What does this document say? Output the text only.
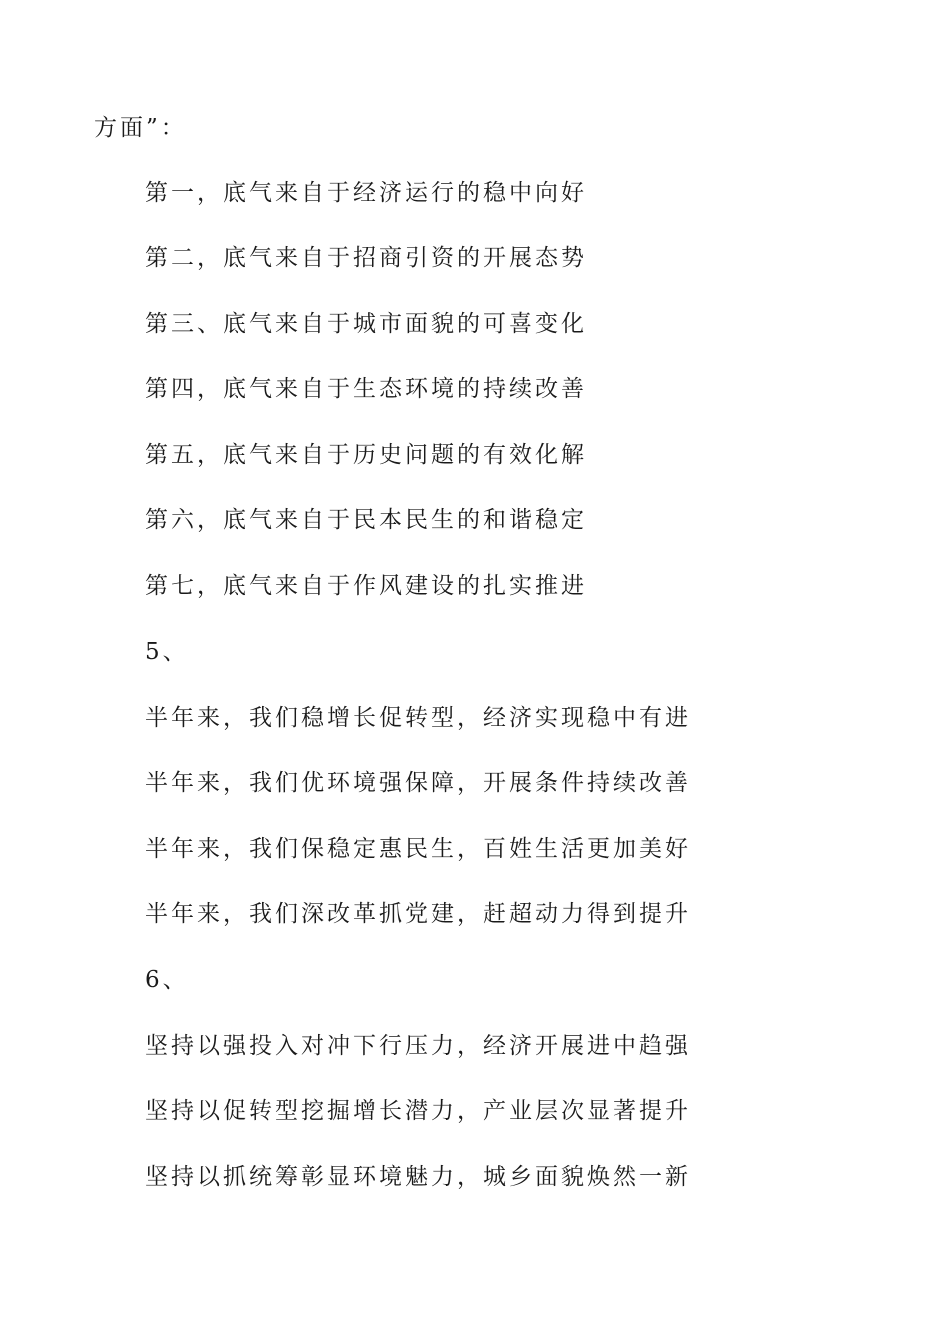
方面”：
第一，底气来自于经济运行的稳中向好
第二，底气来自于招商引资的开展态势
第三、底气来自于城市面貌的可喜变化
第四，底气来自于生态环境的持续改善
第五，底气来自于历史问题的有效化解
第六，底气来自于民本民生的和谐稳定
第七，底气来自于作风建设的扎实推进
5、
半年来，我们稳增长促转型，经济实现稳中有进
半年来，我们优环境强保障，开展条件持续改善
半年来，我们保稳定惠民生，百姓生活更加美好
半年来，我们深改革抓党建，赶超动力得到提升
6、
坚持以强投入对冲下行压力，经济开展进中趋强
坚持以促转型挖掘增长潜力，产业层次显著提升
坚持以抓统筹彰显环境魅力，城乡面貌焕然一新
